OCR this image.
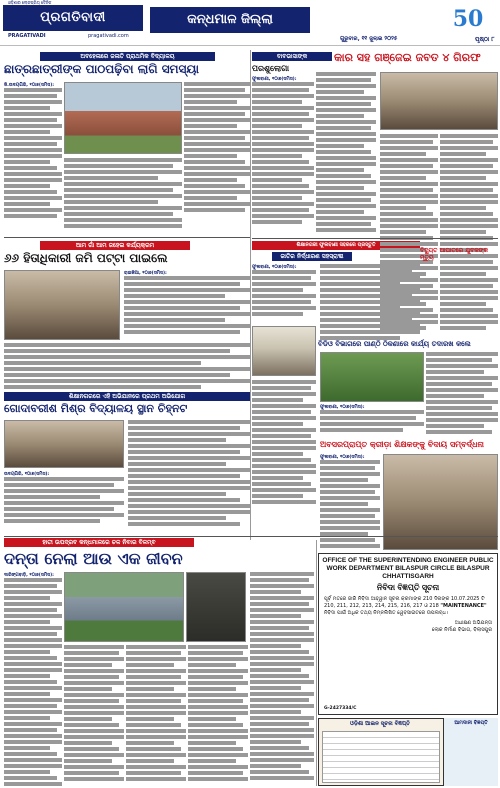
ଓଡ଼ିଶାର ଲୋକପ୍ରିୟ ଦୈନିକ
ପ୍ରଗତିବାଦୀ
PRAGATIVADI	pragativadi.com
କନ୍ଧମାଳ ଜିଲ୍ଲା	50
ଗୁରୁବାର, ୧୧ ଜୁଲାଇ ୨୦୨୫	ପୃଷ୍ଠା ୮
ଅବହେଳାରେ ଜଳାତି ପ୍ରାଥମିକ ବିଦ୍ୟାଳୟ
ଛାତ୍ରଛାତ୍ରୀଙ୍କ ପାଠପଢ଼ିବା ଲାଗି ସମସ୍ୟା
ଜି.ଉଦୟଗିରି, ୧୦ା୭(ସମିସ):
ଆମ ଗାଁ ଆମ ଜହେଇ କର୍ଯ୍ୟକ୍ରମ
୬୬ ହିତାଧିକାରୀ ଜମି ପଟ୍ଟା ପାଇଲେ
ରାଇକିଆ, ୧୦ା୭(ସମିସ):
ଶିକ୍ଷାନଗରରେ ଏହି ଅଭିଯାନରେ ପ୍ରଥମ ଅଭିଯୋଗ
ଗୋଦାବରୀଶ ମିଶ୍ର ବିଦ୍ୟାଳୟ ସ୍ଥାନ ଚିହ୍ନଟ
ଉଦୟଗିରି, ୧୦ା୭(ସମିସ):
ଶିକ୍ଷାନଗରୀ ଫୁଲବାଣୀ ସହରରେ ପ୍ରସ୍ତୁତି
ଜାତିର ନିର୍ଦ୍ଧାରଣ ସହସ୍ରାବ୍ଦୀ
ଫୁଲବାଣୀ, ୧୦ା୭(ସମିସ):
ବାବଭାସାଙ୍କ	କାର ସହ ଗଞ୍ଜେଇ ଜବତ ୪ ଗିରଫ
ପରଶୁଲୋଗା
ଫୁଲବାଣୀ, ୧୦ା୭(ସମିସ):
ବିଡିଓ ବିଭାଗରେ ପାଣ୍ଠି ଠିକଣାରେ କାର୍ଯ୍ୟ ତଦାରଖ କଲେ
ଫୁଲବାଣୀ, ୧୦ା୭(ସମିସ):
ଅବସରପ୍ରାପ୍ତ କ୍ରୀଡ଼ା ଶିକ୍ଷକଙ୍କୁ ବିଦାୟ ସମ୍ବର୍ଦ୍ଧନା
ଫୁଲବାଣୀ, ୧୦ା୭(ସମିସ):
ବିଦ୍ୟୁତ ଆଘାତରେ ଯୁବକଙ୍କ ମୃତ୍ୟୁ
ହାତୀ ଉପଦ୍ରବ କନ୍ଧମାଳରେ ଚଳ ନିବାର ବିଳମ୍ବ
ଦନ୍ତା ନେଲା ଆଉ ଏକ ଜୀବନ
ଦାରିଙ୍ଗବାଡ଼ି, ୧୦ା୭(ସମିସ):
OFFICE OF THE SUPERINTENDING ENGINEER PUBLIC WORK DEPARTMENT BILASPUR CIRCLE BILASPUR CHHATTISGARH
ନିବିଦା ବିଜ୍ଞପ୍ତି ସୂଚନା
ପୂର୍ବ ମତରେ ଜାରି ନିବିଦା ଆହ୍ୱାନ ସୂଚନା କ୍ରମାଙ୍କ 210 ଦିନାଙ୍କ 10.07.2025 ଟି 210, 211, 212, 213, 214, 215, 216, 217 ଓ 218 "MAINTENANCE" ନିବିଦା ପାଇଁ ଅଧିକ ତଥ୍ୟ ନିମ୍ନଲିଖିତ ୱେବସାଇଟରେ ଉପଲବ୍ଧ।
ଅଧୀକ୍ଷଣ ଅଭିଯନ୍ତା
ଲୋକ ନିର୍ମାଣ ବିଭାଗ, ବିଲାସପୁର
G-2427334/C
ଓଡ଼ିଶା ଆଇନ ସୂଚନା ବିଜ୍ଞପ୍ତି	ଆମଦାନୀ ବିଜ୍ଞପ୍ତି
